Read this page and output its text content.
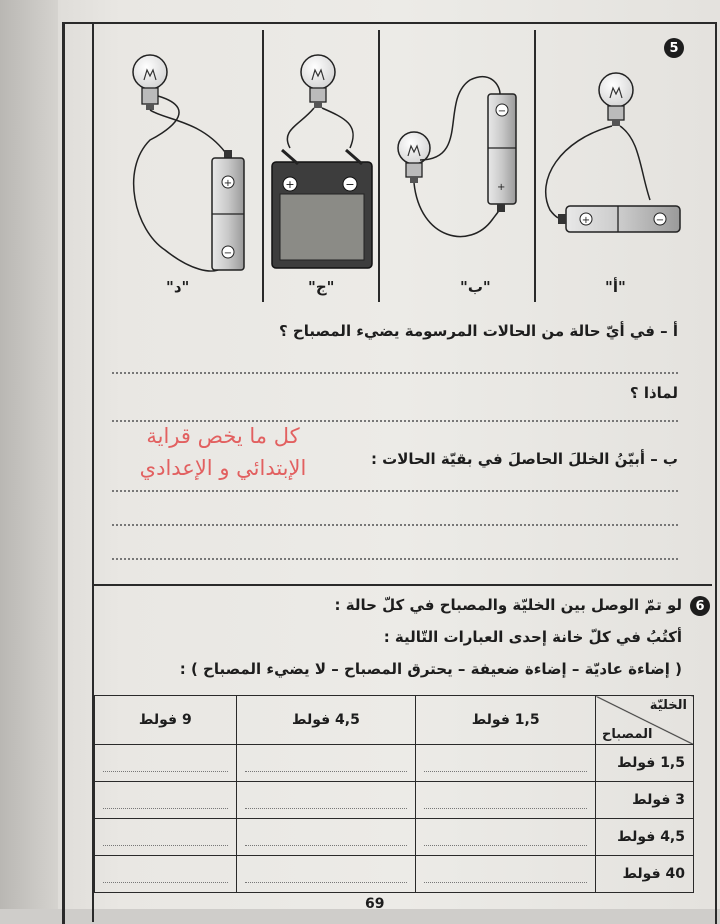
5
+
−
+	−
−
+
+	−
"د"	"ج"	"ب"	"أ"
أ – في أيّ حالة من الحالات المرسومة يضيء المصباح ؟
لماذا ؟
كل ما يخص قراية
الإبتدائي و الإعدادي	ب – أبيّنُ الخللَ الحاصلَ في بقيّة الحالات :
6
لو تمّ الوصل بين الخليّة والمصباح في كلّ حالة :
أكتُبُ في كلّ خانة إحدى العبارات التّالية :
( إضاءة عاديّة – إضاءة ضعيفة – يحترق المصباح – لا يضيء المصباح ) :
الخليّة
المصباح	1,5 فولط	4,5 فولط	9 فولط
1,5 فولط	

3 فولط	

4,5 فولط	

40 فولط	

69
